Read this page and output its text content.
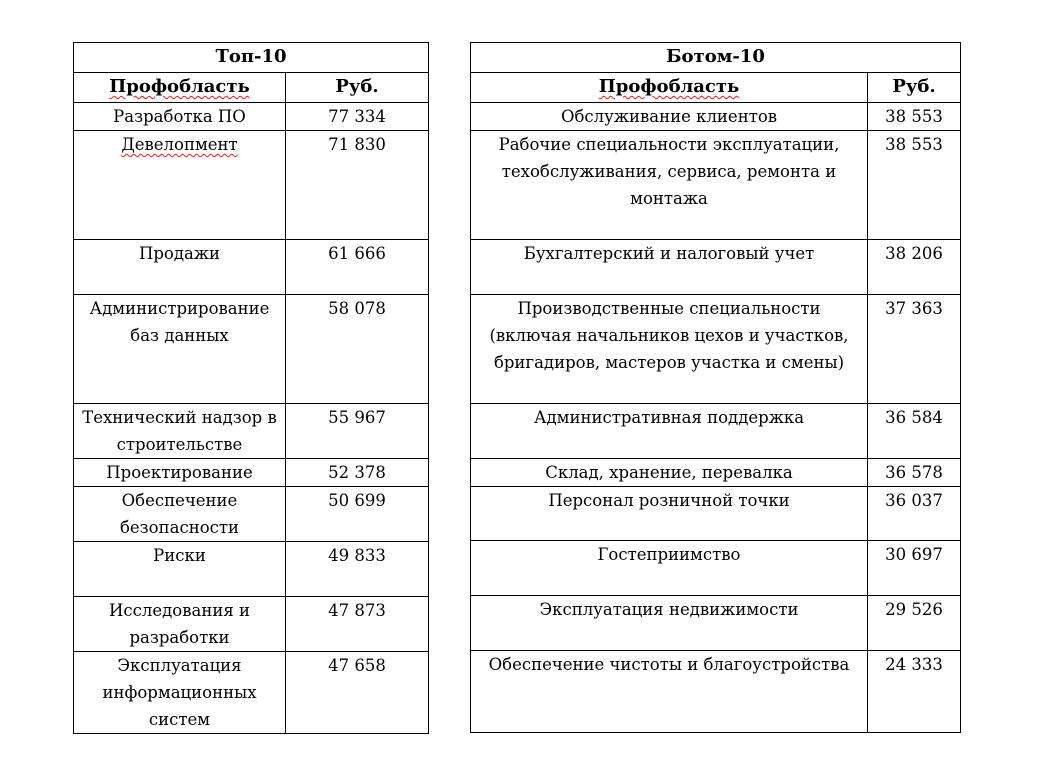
Топ-10	
Профобласть	Руб.
Разработка ПО	77 334
Девелопмент	71 830
Продажи	61 666
Администрирование баз данных	58 078
Технический надзор в строительстве	55 967
Проектирование	52 378
Обеспечение безопасности	50 699
Риски	49 833
Исследования и разработки	47 873
Эксплуатация информационных систем	47 658
Ботом-10	
Профобласть	Руб.
Обслуживание клиентов	38 553
Рабочие специальности эксплуатации, техобслуживания, сервиса, ремонта и монтажа	38 553
Бухгалтерский и налоговый учет	38 206
Производственные специальности (включая начальников цехов и участков, бригадиров, мастеров участка и смены)	37 363
Административная поддержка	36 584
Склад, хранение, перевалка	36 578
Персонал розничной точки	36 037
Гостеприимство	30 697
Эксплуатация недвижимости	29 526
Обеспечение чистоты и благоустройства	24 333
